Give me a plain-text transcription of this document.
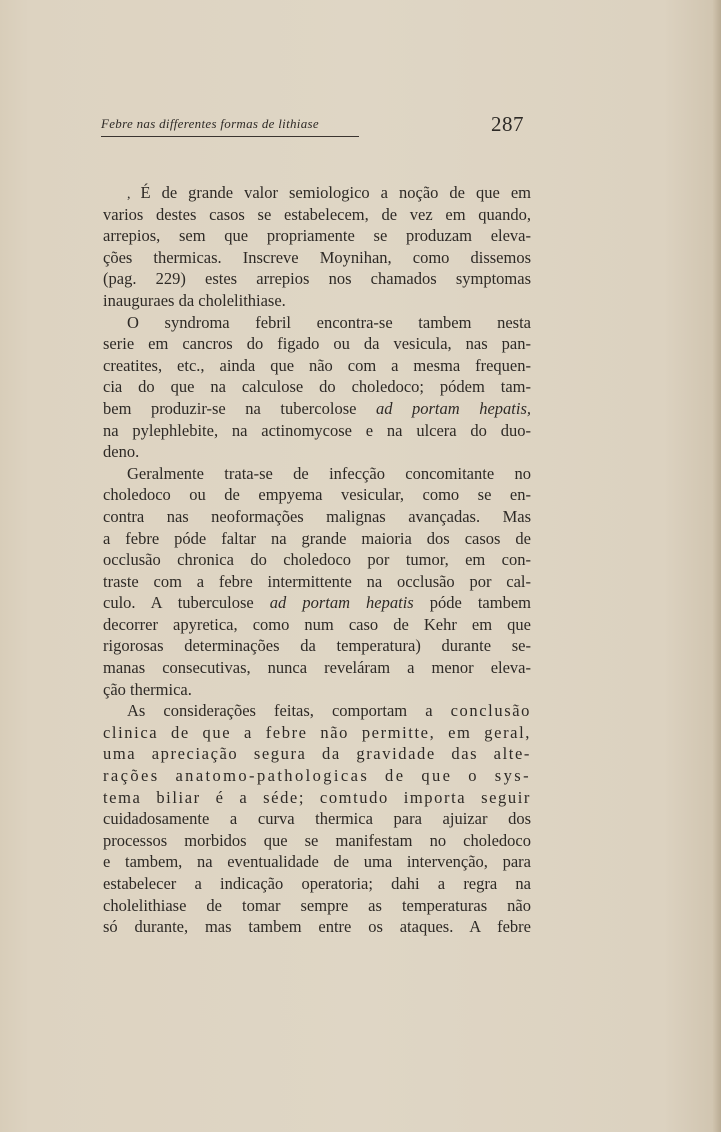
Febre nas differentes formas de lithiase	287
, É de grande valor semiologico a noção de que em
varios destes casos se estabelecem, de vez em quando,
arrepios, sem que propriamente se produzam eleva-
ções thermicas. Inscreve Moynihan, como dissemos
(pag. 229) estes arrepios nos chamados symptomas
inauguraes da cholelithiase.
O syndroma febril encontra-se tambem nesta
serie em cancros do figado ou da vesicula, nas pan-
creatites, etc., ainda que não com a mesma frequen-
cia do que na calculose do choledoco; pódem tam-
bem produzir-se na tubercolose ad portam hepatis,
na pylephlebite, na actinomycose e na ulcera do duo-
deno.
Geralmente trata-se de infecção concomitante no
choledoco ou de empyema vesicular, como se en-
contra nas neoformações malignas avançadas. Mas
a febre póde faltar na grande maioria dos casos de
occlusão chronica do choledoco por tumor, em con-
traste com a febre intermittente na occlusão por cal-
culo. A tuberculose ad portam hepatis póde tambem
decorrer apyretica, como num caso de Kehr em que
rigorosas determinações da temperatura) durante se-
manas consecutivas, nunca reveláram a menor eleva-
ção thermica.
As considerações feitas, comportam a conclusão
clinica de que a febre não permitte, em geral,
uma apreciação segura da gravidade das alte-
rações anatomo-pathologicas de que o sys-
tema biliar é a séde; comtudo importa seguir
cuidadosamente a curva thermica para ajuizar dos
processos morbidos que se manifestam no choledoco
e tambem, na eventualidade de uma intervenção, para
estabelecer a indicação operatoria; dahi a regra na
cholelithiase de tomar sempre as temperaturas não
só durante, mas tambem entre os ataques. A febre
